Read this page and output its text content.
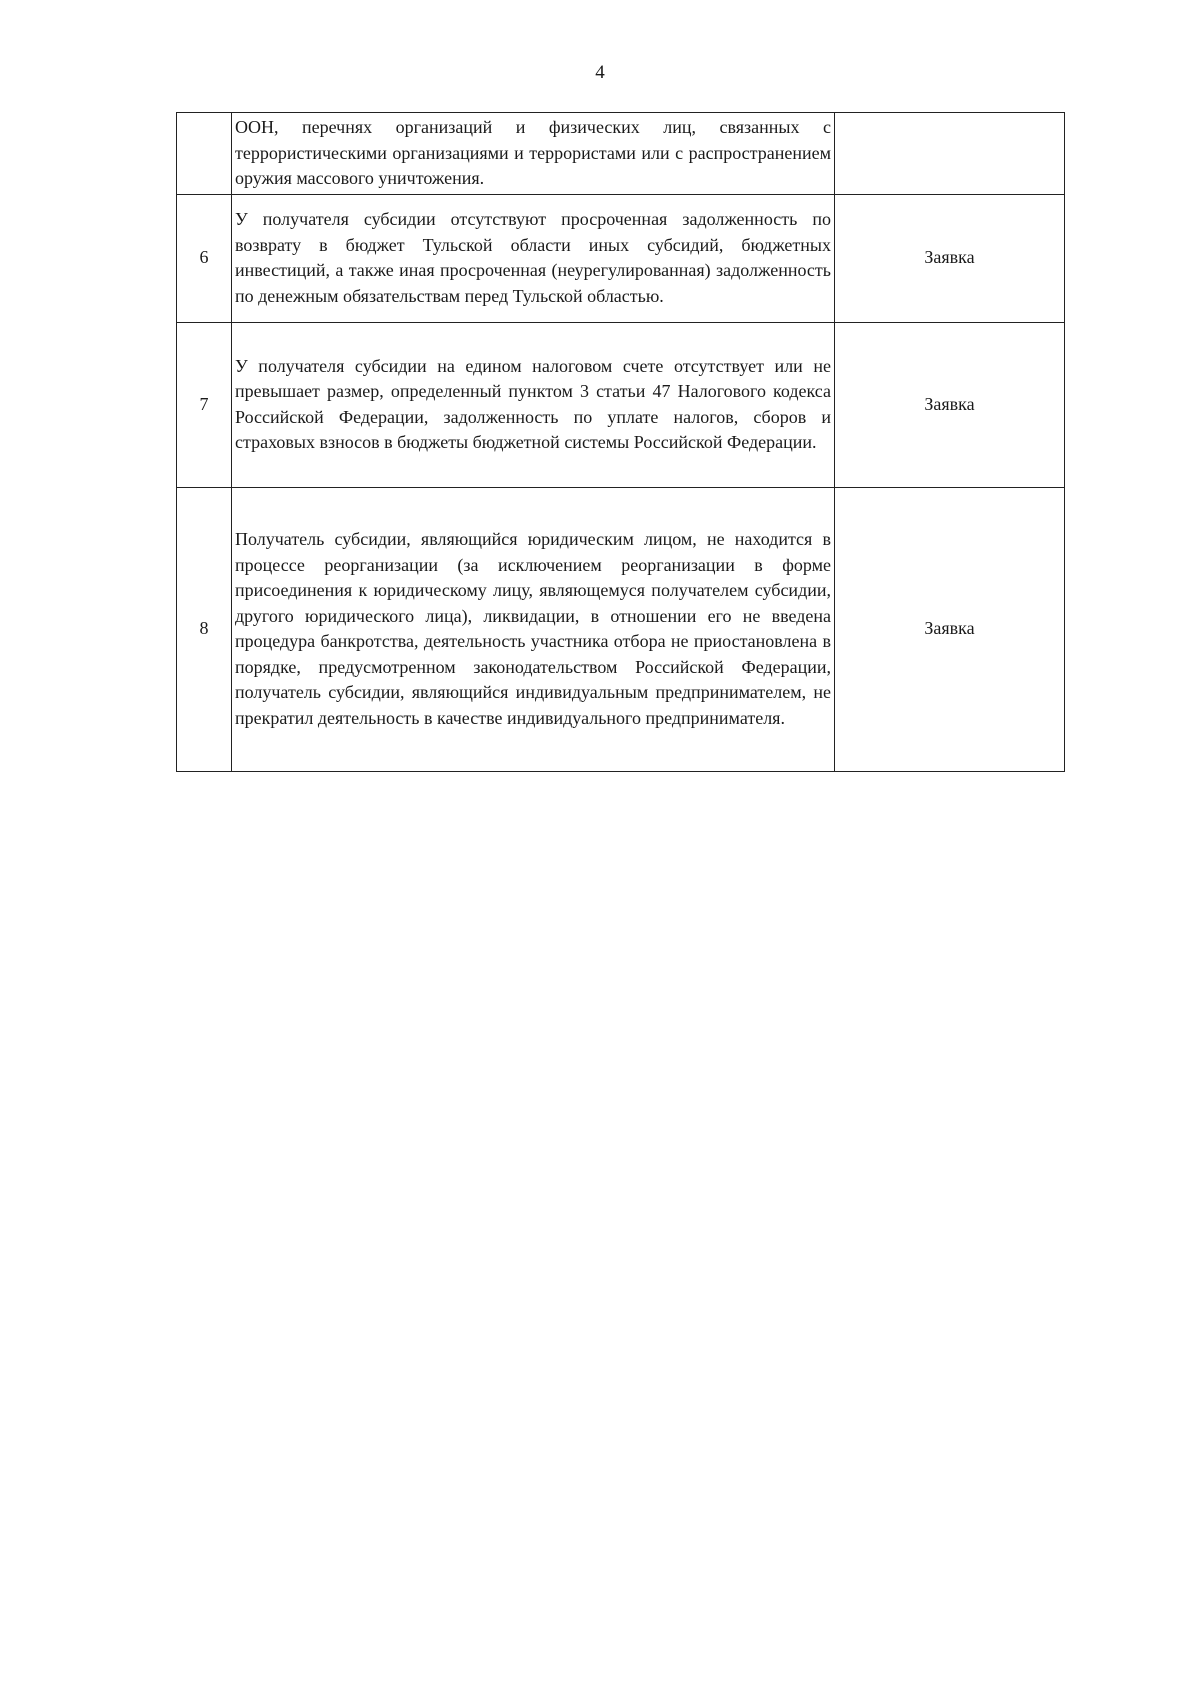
4
	ООН, перечнях организаций и физических лиц, связанных с террористическими организациями и террористами или с распространением оружия массового уничтожения.	
6	У получателя субсидии отсутствуют просроченная задолженность по возврату в бюджет Тульской области иных субсидий, бюджетных инвестиций, а также иная просроченная (неурегулированная) задолженность по денежным обязательствам перед Тульской областью.	Заявка
7	У получателя субсидии на едином налоговом счете отсутствует или не превышает размер, определенный пунктом 3 статьи 47 Налогового кодекса Российской Федерации, задолженность по уплате налогов, сборов и страховых взносов в бюджеты бюджетной системы Российской Федерации.	Заявка
8	Получатель субсидии, являющийся юридическим лицом, не находится в процессе реорганизации (за исключением реорганизации в форме присоединения к юридическому лицу, являющемуся получателем субсидии, другого юридического лица), ликвидации, в отношении его не введена процедура банкротства, деятельность участника отбора не приостановлена в порядке, предусмотренном законодательством Российской Федерации, получатель субсидии, являющийся индивидуальным предпринимателем, не прекратил деятельность в качестве индивидуального предпринимателя.	Заявка
